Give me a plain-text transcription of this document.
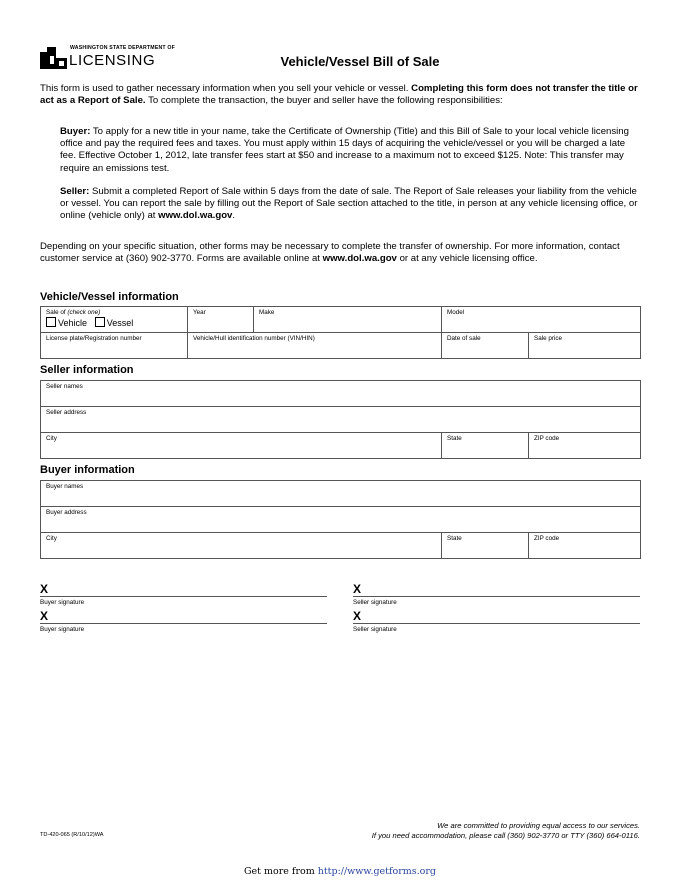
WASHINGTON STATE DEPARTMENT OF
LICENSING	Vehicle/Vessel Bill of Sale
This form is used to gather necessary information when you sell your vehicle or vessel. Completing this form does not transfer the title or act as a Report of Sale. To complete the transaction, the buyer and seller have the following responsibilities:
Buyer: To apply for a new title in your name, take the Certificate of Ownership (Title) and this Bill of Sale to your local vehicle licensing office and pay the required fees and taxes. You must apply within 15 days of acquiring the vehicle/vessel or you will be charged a late fee. Effective October 1, 2012, late transfer fees start at $50 and increase to a maximum not to exceed $125. Note: This transfer may require an emissions test.
Seller: Submit a completed Report of Sale within 5 days from the date of sale. The Report of Sale releases your liability from the vehicle or vessel. You can report the sale by filling out the Report of Sale section attached to the title, in person at any vehicle licensing office, or online (vehicle only) at www.dol.wa.gov.
Depending on your specific situation, other forms may be necessary to complete the transfer of ownership. For more information, contact customer service at (360) 902-3770. Forms are available online at www.dol.wa.gov or at any vehicle licensing office.
Vehicle/Vessel information
Sale of (check one)
Vehicle Vessel	Year	Make	Model	
License plate/Registration number	Vehicle/Hull identification number (VIN/HIN)		Date of sale	Sale price
Seller information
Seller names
Seller address
City	State	ZIP code
Buyer information
Buyer names
Buyer address
City	State	ZIP code
X
Buyer signature
X
Seller signature
X
Buyer signature
X
Seller signature
We are committed to providing equal access to our services.
If you need accommodation, please call (360) 902-3770 or TTY (360) 664-0116.
TD-420-065 (R/10/12)WA
Get more from http://www.getforms.org
